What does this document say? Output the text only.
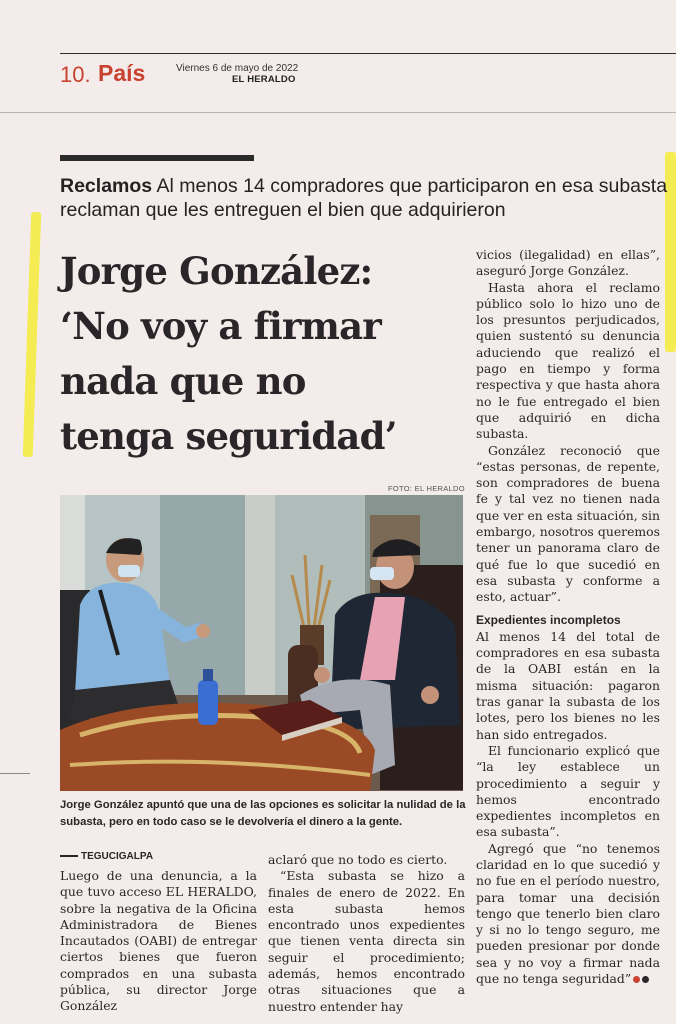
10. País	Viernes 6 de mayo de 2022
EL HERALDO
Reclamos Al menos 14 compradores que participaron en esa subasta reclaman que les entreguen el bien que adquirieron
Jorge González:
‘No voy a firmar
nada que no
tenga seguridad’
FOTO: EL HERALDO
Jorge González apuntó que una de las opciones es solicitar la nulidad de la subasta, pero en todo caso se le devolvería el dinero a la gente.
TEGUCIGALPA

Luego de una denuncia, a la que tuvo acceso EL HERALDO, sobre la negativa de la Oficina Administradora de Bienes Incautados (OABI) de entregar ciertos bienes que fueron comprados en una subasta pública, su director Jorge González

aclaró que no todo es cierto.

“Esta subasta se hizo a finales de enero de 2022. En esta subasta hemos encontrado unos expedientes que tienen venta directa sin seguir el procedimiento; además, hemos encontrado otras situaciones que a nuestro entender hay

vicios (ilegalidad) en ellas”, aseguró Jorge González.

Hasta ahora el reclamo público solo lo hizo uno de los presuntos perjudicados, quien sustentó su denuncia aduciendo que realizó el pago en tiempo y forma respectiva y que hasta ahora no le fue entregado el bien que adquirió en dicha subasta.

González reconoció que “estas personas, de repente, son compradores de buena fe y tal vez no tienen nada que ver en esta situación, sin embargo, nosotros queremos tener un panorama claro de qué fue lo que sucedió en esa subasta y conforme a esto, actuar”.

Expedientes incompletos

Al menos 14 del total de compradores en esa subasta de la OABI están en la misma situación: pagaron tras ganar la subasta de los lotes, pero los bienes no les han sido entregados.

El funcionario explicó que “la ley establece un procedimiento a seguir y hemos encontrado expedientes incompletos en esa subasta”.

Agregó que “no tenemos claridad en lo que sucedió y no fue en el período nuestro, para tomar una decisión tengo que tenerlo bien claro y si no lo tengo seguro, me pueden presionar por donde sea y no voy a firmar nada que no tenga seguridad”
